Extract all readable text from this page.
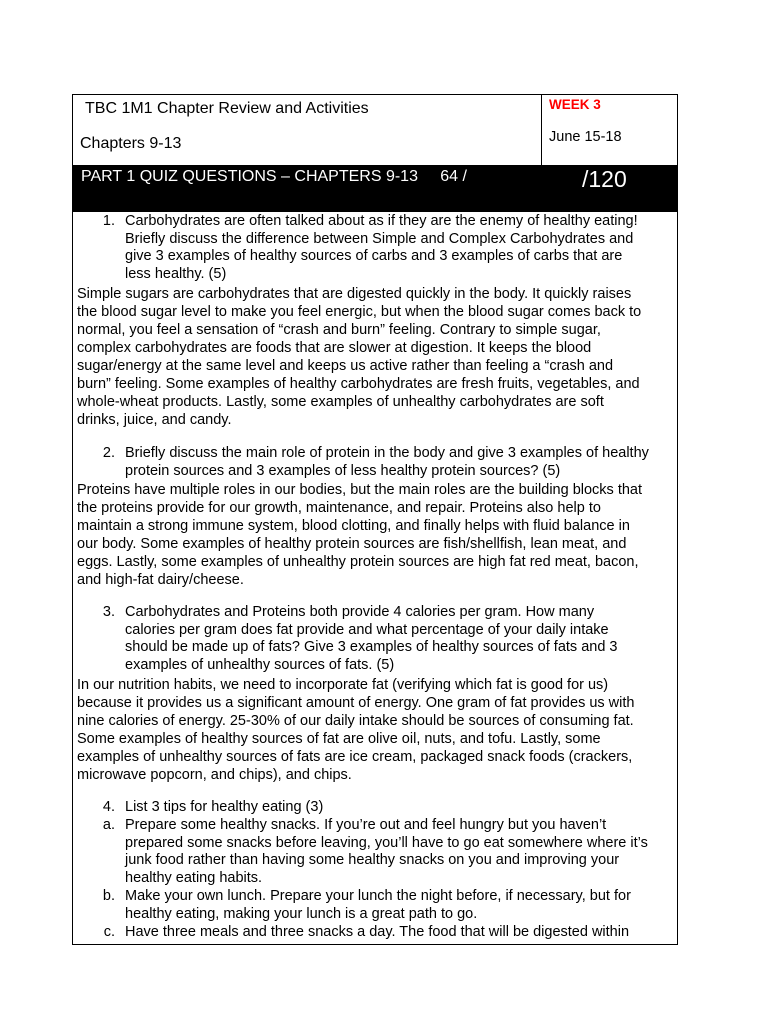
TBC 1M1 Chapter Review and Activities
Chapters 9-13
WEEK 3
June 15-18
PART 1 QUIZ QUESTIONS – CHAPTERS 9-13     64 /	/120
1. Carbohydrates are often talked about as if they are the enemy of healthy eating!
Briefly discuss the difference between Simple and Complex Carbohydrates and
give 3 examples of healthy sources of carbs and 3 examples of carbs that are
less healthy. (5)
Simple sugars are carbohydrates that are digested quickly in the body. It quickly raises
the blood sugar level to make you feel energic, but when the blood sugar comes back to
normal, you feel a sensation of “crash and burn” feeling. Contrary to simple sugar,
complex carbohydrates are foods that are slower at digestion. It keeps the blood
sugar/energy at the same level and keeps us active rather than feeling a “crash and
burn” feeling. Some examples of healthy carbohydrates are fresh fruits, vegetables, and
whole-wheat products. Lastly, some examples of unhealthy carbohydrates are soft
drinks, juice, and candy.
2. Briefly discuss the main role of protein in the body and give 3 examples of healthy
protein sources and 3 examples of less healthy protein sources? (5)
Proteins have multiple roles in our bodies, but the main roles are the building blocks that
the proteins provide for our growth, maintenance, and repair. Proteins also help to
maintain a strong immune system, blood clotting, and finally helps with fluid balance in
our body. Some examples of healthy protein sources are fish/shellfish, lean meat, and
eggs. Lastly, some examples of unhealthy protein sources are high fat red meat, bacon,
and high-fat dairy/cheese.
3. Carbohydrates and Proteins both provide 4 calories per gram. How many
calories per gram does fat provide and what percentage of your daily intake
should be made up of fats? Give 3 examples of healthy sources of fats and 3
examples of unhealthy sources of fats. (5)
In our nutrition habits, we need to incorporate fat (verifying which fat is good for us)
because it provides us a significant amount of energy. One gram of fat provides us with
nine calories of energy. 25-30% of our daily intake should be sources of consuming fat.
Some examples of healthy sources of fat are olive oil, nuts, and tofu. Lastly, some
examples of unhealthy sources of fats are ice cream, packaged snack foods (crackers,
microwave popcorn, and chips), and chips.
4. List 3 tips for healthy eating (3)
a. Prepare some healthy snacks. If you’re out and feel hungry but you haven’t
prepared some snacks before leaving, you’ll have to go eat somewhere where it’s
junk food rather than having some healthy snacks on you and improving your
healthy eating habits.
b. Make your own lunch. Prepare your lunch the night before, if necessary, but for
healthy eating, making your lunch is a great path to go.
c. Have three meals and three snacks a day. The food that will be digested within
